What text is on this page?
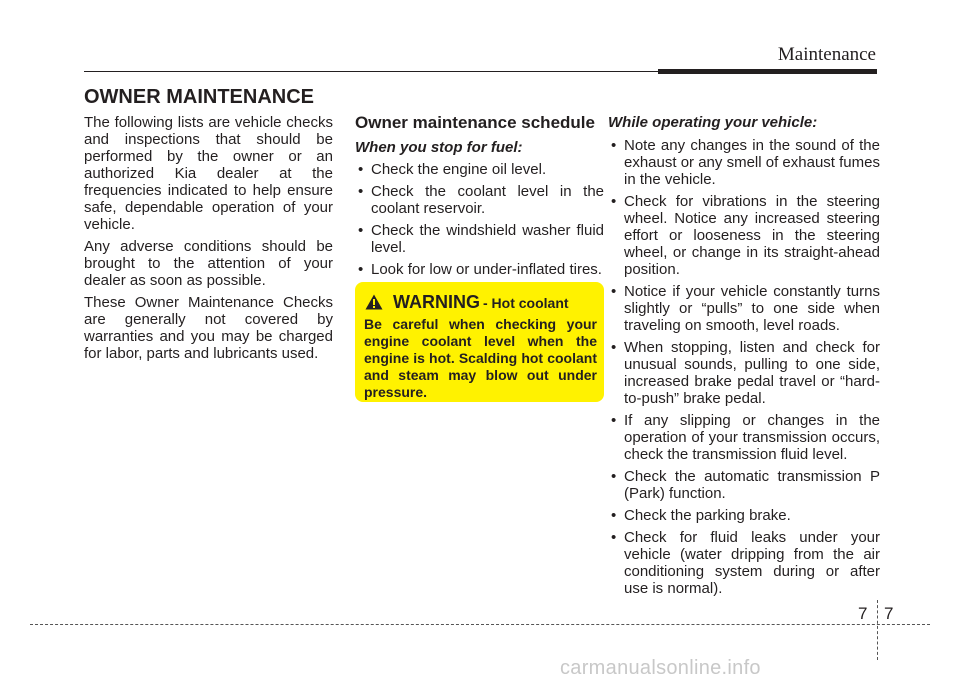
Maintenance
OWNER MAINTENANCE

The following lists are vehicle checks and inspections that should be performed by the owner or an authorized Kia dealer at the frequencies indicated to help ensure safe, dependable operation of your vehicle.

Any adverse conditions should be brought to the attention of your dealer as soon as possible.

These Owner Maintenance Checks are generally not covered by warranties and you may be charged for labor, parts and lubricants used.

Owner maintenance schedule
When you stop for fuel:
• Check the engine oil level.
• Check the coolant level in the coolant reservoir.
• Check the windshield washer fluid level.
• Look for low or under-inflated tires.
WARNING - Hot coolant
Be careful when checking your engine coolant level when the engine is hot. Scalding hot coolant and steam may blow out under pressure.
While operating your vehicle:
• Note any changes in the sound of the exhaust or any smell of exhaust fumes in the vehicle.
• Check for vibrations in the steering wheel. Notice any increased steering effort or looseness in the steering wheel, or change in its straight-ahead position.
• Notice if your vehicle constantly turns slightly or “pulls” to one side when traveling on smooth, level roads.
• When stopping, listen and check for unusual sounds, pulling to one side, increased brake pedal travel or “hard-to-push” brake pedal.
• If any slipping or changes in the operation of your transmission occurs, check the transmission fluid level.
• Check the automatic transmission P (Park) function.
• Check the parking brake.
• Check for fluid leaks under your vehicle (water dripping from the air conditioning system during or after use is normal).
7 7
carmanualsonline.info
